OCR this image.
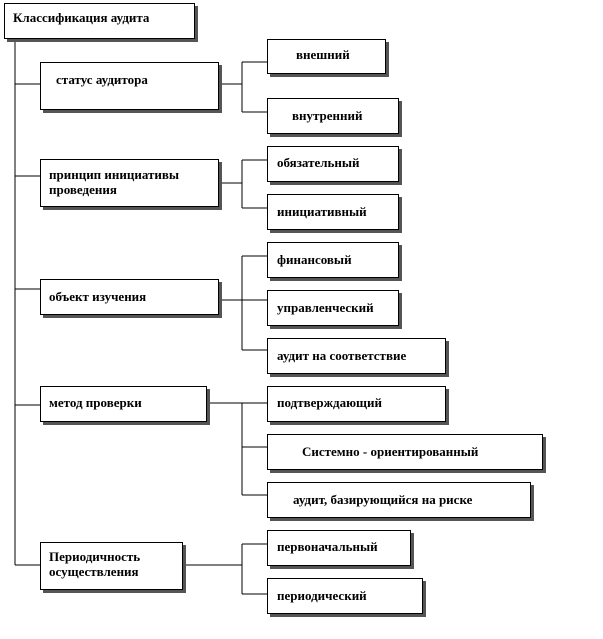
Классификация аудита
статус аудитора
внешний
внутренний
принцип инициативы проведения
обязательный
инициативный
объект изучения
финансовый
управленческий
аудит на соответствие
метод проверки	подтверждающий
Системно - ориентированный
аудит, базирующийся на риске
Периодичность осуществления
первоначальный
периодический
